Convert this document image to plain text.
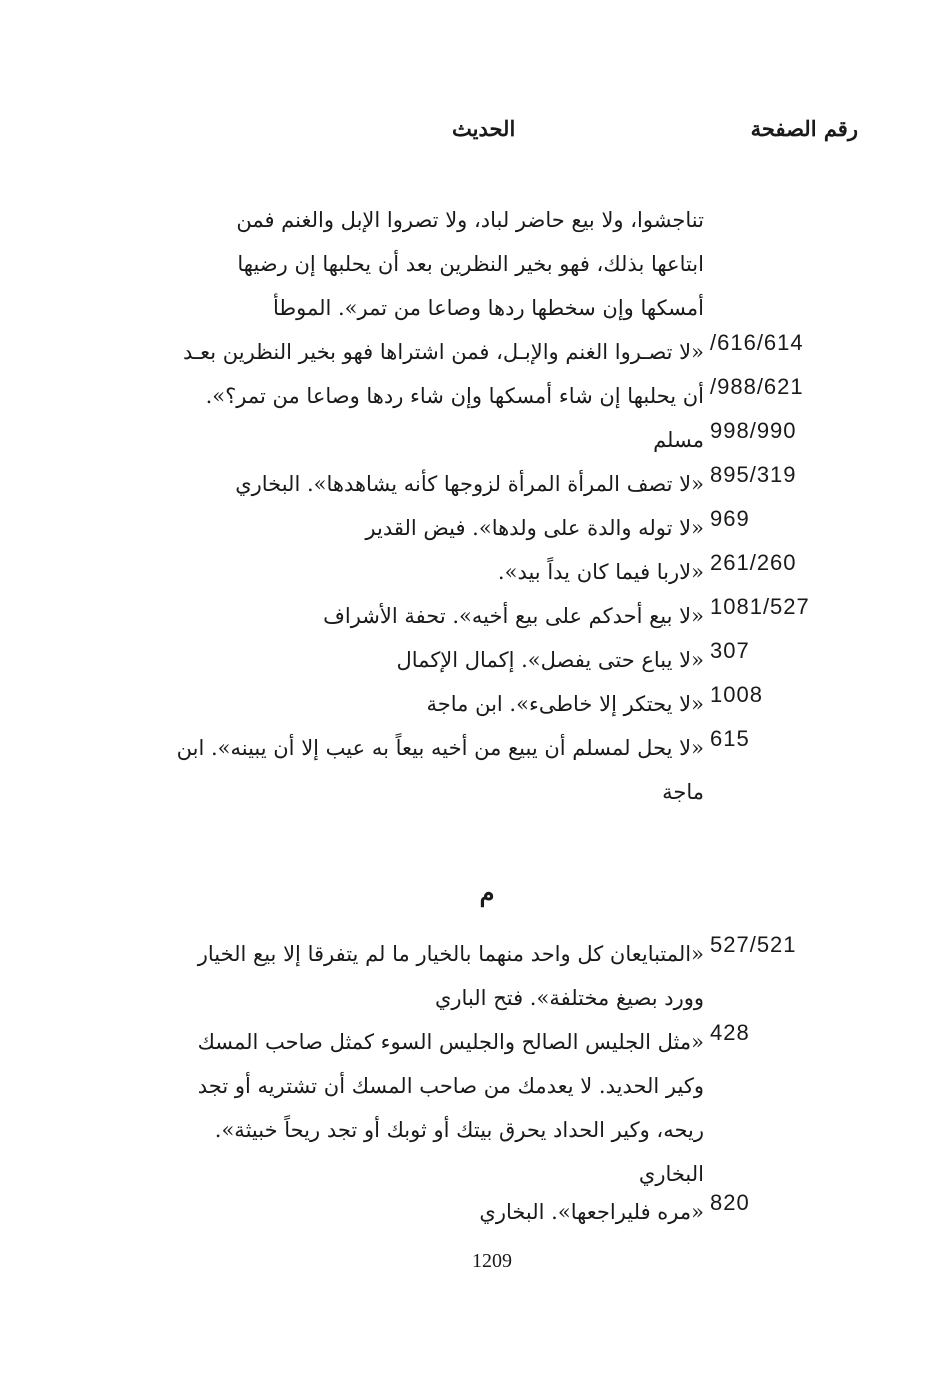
رقم الصفحة
الحديث
تناجشوا، ولا بيع حاضر لباد، ولا تصروا الإبل والغنم فمن
ابتاعها بذلك، فهو بخير النظرين بعد أن يحلبها إن رضيها
أمسكها وإن سخطها ردها وصاعا من تمر». الموطأ
/616/614
«لا تصـروا الغنم والإبـل، فمن اشتراها فهو بخير النظرين بعـد
/988/621
أن يحلبها إن شاء أمسكها وإن شاء ردها وصاعا من تمر؟».
998/990
مسلم
895/319
«لا تصف المرأة المرأة لزوجها كأنه يشاهدها». البخاري
969
«لا توله والدة على ولدها». فيض القدير
261/260
«لاربا فيما كان يداً بيد».
1081/527
«لا بيع أحدكم على بيع أخيه». تحفة الأشراف
307
«لا يباع حتى يفصل». إكمال الإكمال
1008
«لا يحتكر إلا خاطىء». ابن ماجة
615
«لا يحل لمسلم أن يبيع من أخيه بيعاً به عيب إلا أن يبينه». ابن
ماجة
م
527/521
«المتبايعان كل واحد منهما بالخيار ما لم يتفرقا إلا بيع الخيار
وورد بصيغ مختلفة». فتح الباري
428
«مثل الجليس الصالح والجليس السوء كمثل صاحب المسك
وكير الحديد. لا يعدمك من صاحب المسك أن تشتريه أو تجد
ريحه، وكير الحداد يحرق بيتك أو ثوبك أو تجد ريحاً خبيثة».
البخاري
820
«مره فليراجعها». البخاري
1209
